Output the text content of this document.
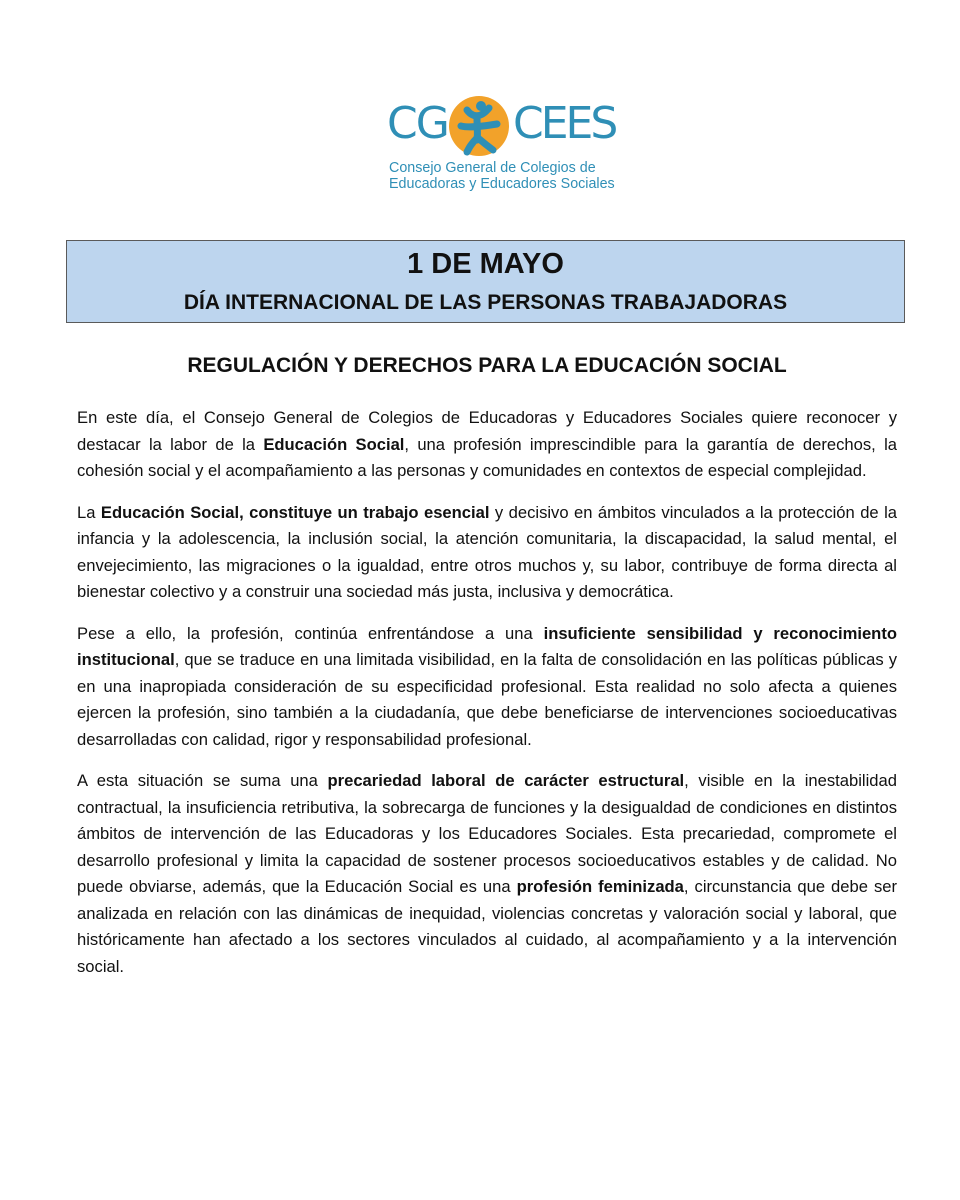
CG CEES
Consejo General de Colegios de
Educadoras y Educadores Sociales
1 DE MAYO
DÍA INTERNACIONAL DE LAS PERSONAS TRABAJADORAS
REGULACIÓN Y DERECHOS PARA LA EDUCACIÓN SOCIAL

En este día, el Consejo General de Colegios de Educadoras y Educadores Sociales quiere reconocer y destacar la labor de la Educación Social, una profesión imprescindible para la garantía de derechos, la cohesión social y el acompañamiento a las personas y comunidades en contextos de especial complejidad.

La Educación Social, constituye un trabajo esencial y decisivo en ámbitos vinculados a la protección de la infancia y la adolescencia, la inclusión social, la atención comunitaria, la discapacidad, la salud mental, el envejecimiento, las migraciones o la igualdad, entre otros muchos y, su labor, contribuye de forma directa al bienestar colectivo y a construir una sociedad más justa, inclusiva y democrática.

Pese a ello, la profesión, continúa enfrentándose a una insuficiente sensibilidad y reconocimiento institucional, que se traduce en una limitada visibilidad, en la falta de consolidación en las políticas públicas y en una inapropiada consideración de su especificidad profesional. Esta realidad no solo afecta a quienes ejercen la profesión, sino también a la ciudadanía, que debe beneficiarse de intervenciones socioeducativas desarrolladas con calidad, rigor y responsabilidad profesional.

A esta situación se suma una precariedad laboral de carácter estructural, visible en la inestabilidad contractual, la insuficiencia retributiva, la sobrecarga de funciones y la desigualdad de condiciones en distintos ámbitos de intervención de las Educadoras y los Educadores Sociales. Esta precariedad, compromete el desarrollo profesional y limita la capacidad de sostener procesos socioeducativos estables y de calidad. No puede obviarse, además, que la Educación Social es una profesión feminizada, circunstancia que debe ser analizada en relación con las dinámicas de inequidad, violencias concretas y valoración social y laboral, que históricamente han afectado a los sectores vinculados al cuidado, al acompañamiento y a la intervención social.
